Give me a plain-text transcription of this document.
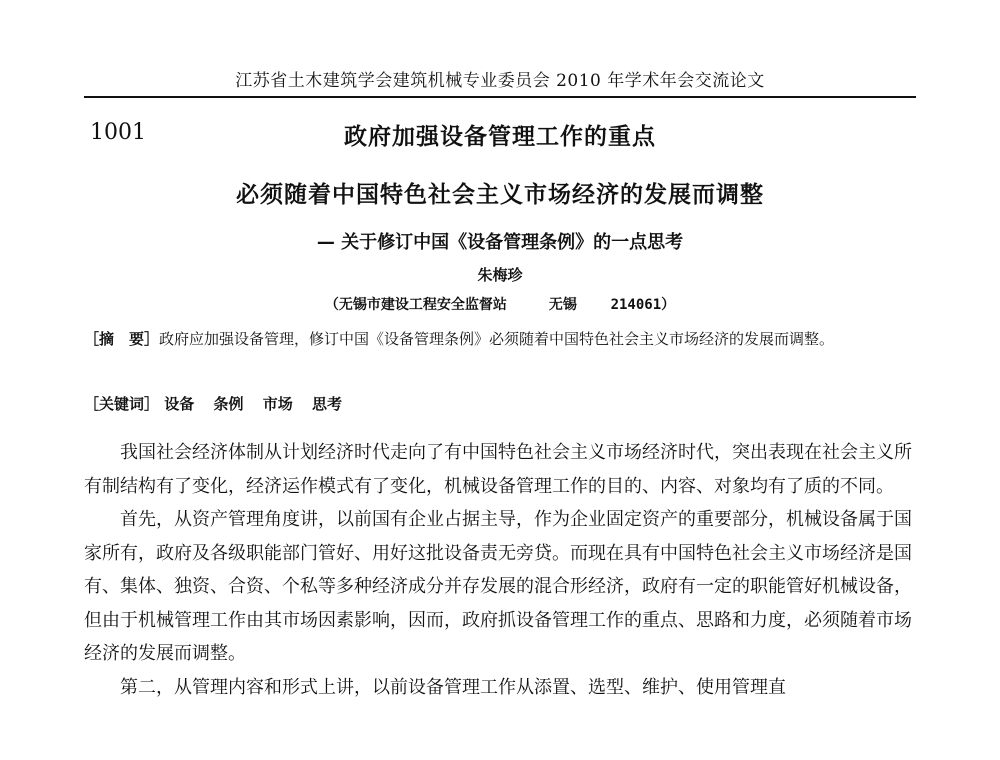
江苏省土木建筑学会建筑机械专业委员会 2010 年学术年会交流论文
1001	政府加强设备管理工作的重点
必须随着中国特色社会主义市场经济的发展而调整
— 关于修订中国《设备管理条例》的一点思考
朱梅珍
（无锡市建设工程安全监督站	无锡 214061）
［摘　要］政府应加强设备管理，修订中国《设备管理条例》必须随着中国特色社会主义市场经济的发展而调整。
［关键词］ 设备 条例 市场 思考

我国社会经济体制从计划经济时代走向了有中国特色社会主义市场经济时代，突出表现在社会主义所有制结构有了变化，经济运作模式有了变化，机械设备管理工作的目的、内容、对象均有了质的不同。

首先，从资产管理角度讲，以前国有企业占据主导，作为企业固定资产的重要部分，机械设备属于国家所有，政府及各级职能部门管好、用好这批设备责无旁贷。而现在具有中国特色社会主义市场经济是国有、集体、独资、合资、个私等多种经济成分并存发展的混合形经济，政府有一定的职能管好机械设备，但由于机械管理工作由其市场因素影响，因而，政府抓设备管理工作的重点、思路和力度，必须随着市场经济的发展而调整。

第二，从管理内容和形式上讲，以前设备管理工作从添置、选型、维护、使用管理直
